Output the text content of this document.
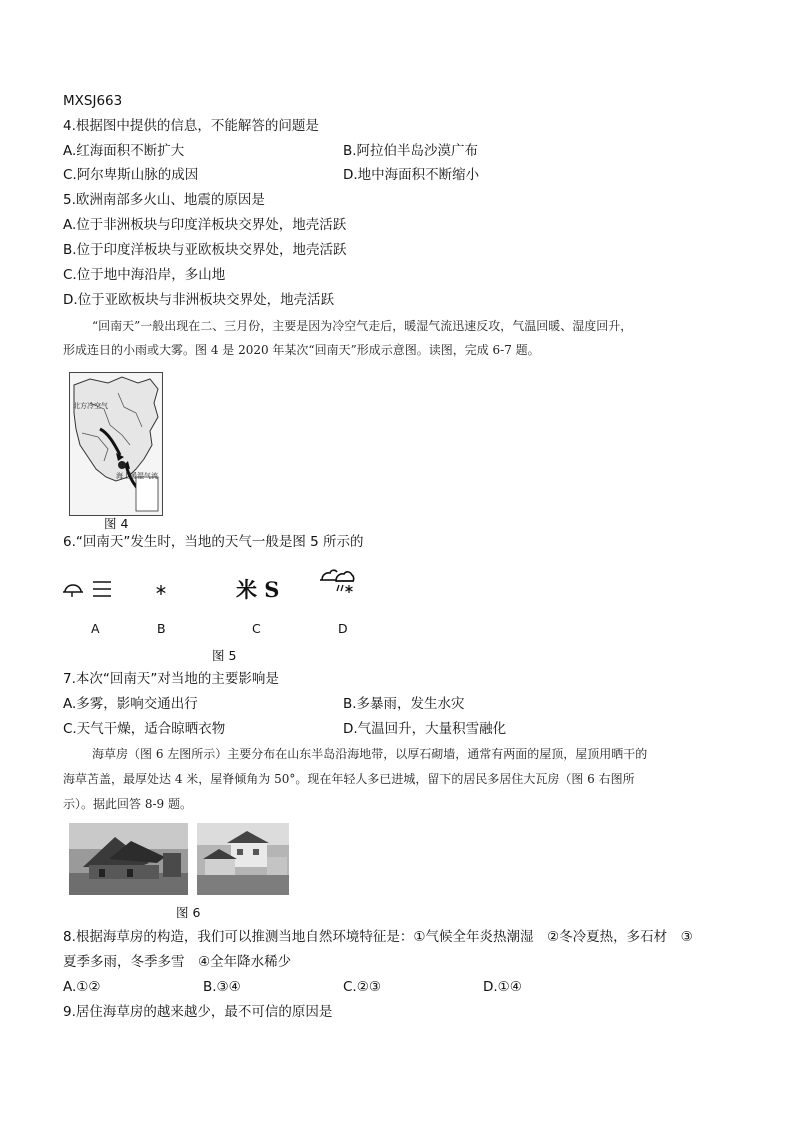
MXSJ663
4.根据图中提供的信息，不能解答的问题是
A.红海面积不断扩大	B.阿拉伯半岛沙漠广布
C.阿尔卑斯山脉的成因	D.地中海面积不断缩小
5.欧洲南部多火山、地震的原因是
A.位于非洲板块与印度洋板块交界处，地壳活跃
B.位于印度洋板块与亚欧板块交界处，地壳活跃
C.位于地中海沿岸，多山地
D.位于亚欧板块与非洲板块交界处，地壳活跃
“回南天”一般出现在二、三月份，主要是因为冷空气走后，暖湿气流迅速反攻，气温回暖、湿度回升，
形成连日的小雨或大雾。图 4 是 2020 年某次“回南天”形成示意图。读图，完成 6-7 题。
北方冷空气
海上暖湿气流
图 4
6.“回南天”发生时，当地的天气一般是图 5 所示的
米 S
A	B	C	D
图 5
7.本次“回南天”对当地的主要影响是
A.多雾，影响交通出行	B.多暴雨，发生水灾
C.天气干燥，适合晾晒衣物	D.气温回升，大量积雪融化
海草房（图 6 左图所示）主要分布在山东半岛沿海地带，以厚石砌墙，通常有两面的屋顶，屋顶用晒干的
海草苫盖，最厚处达 4 米，屋脊倾角为 50°。现在年轻人多已进城，留下的居民多居住大瓦房（图 6 右图所
示）。据此回答 8-9 题。
图 6
8.根据海草房的构造，我们可以推测当地自然环境特征是：①气候全年炎热潮湿　②冬冷夏热，多石材　③
夏季多雨，冬季多雪　④全年降水稀少
A.①②	B.③④	C.②③	D.①④
9.居住海草房的越来越少，最不可信的原因是
